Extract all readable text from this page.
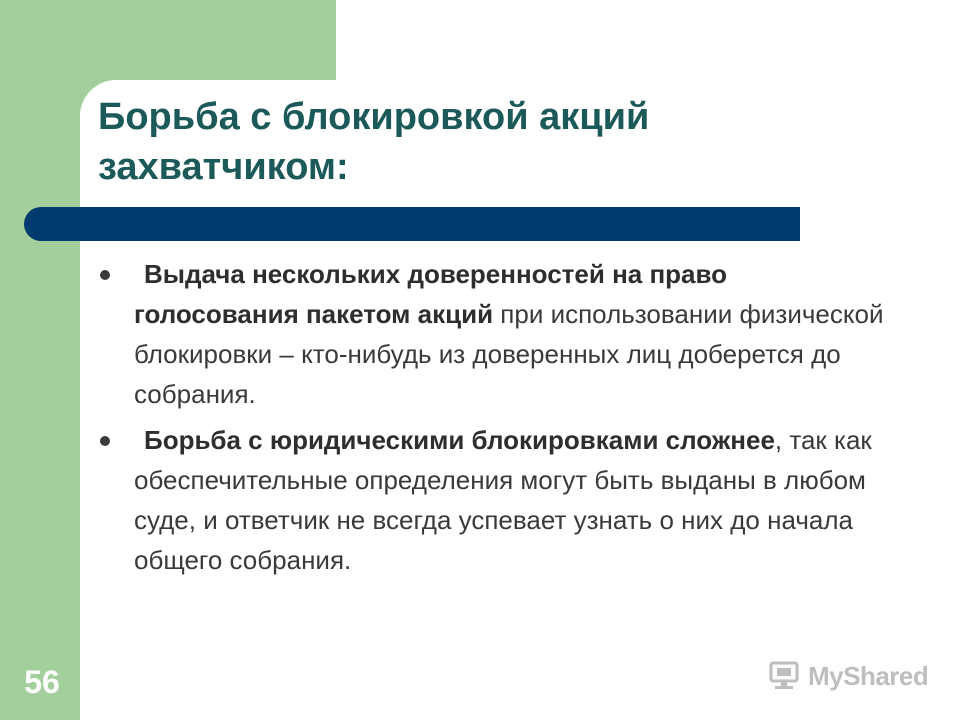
Борьба с блокировкой акций захватчиком:
Выдача нескольких доверенностей на право голосования пакетом акций при использовании физической блокировки – кто-нибудь из доверенных лиц доберется до собрания.
Борьба с юридическими блокировками сложнее, так как обеспечительные определения могут быть выданы в любом суде, и ответчик не всегда успевает узнать о них до начала общего собрания.
56	MyShared
